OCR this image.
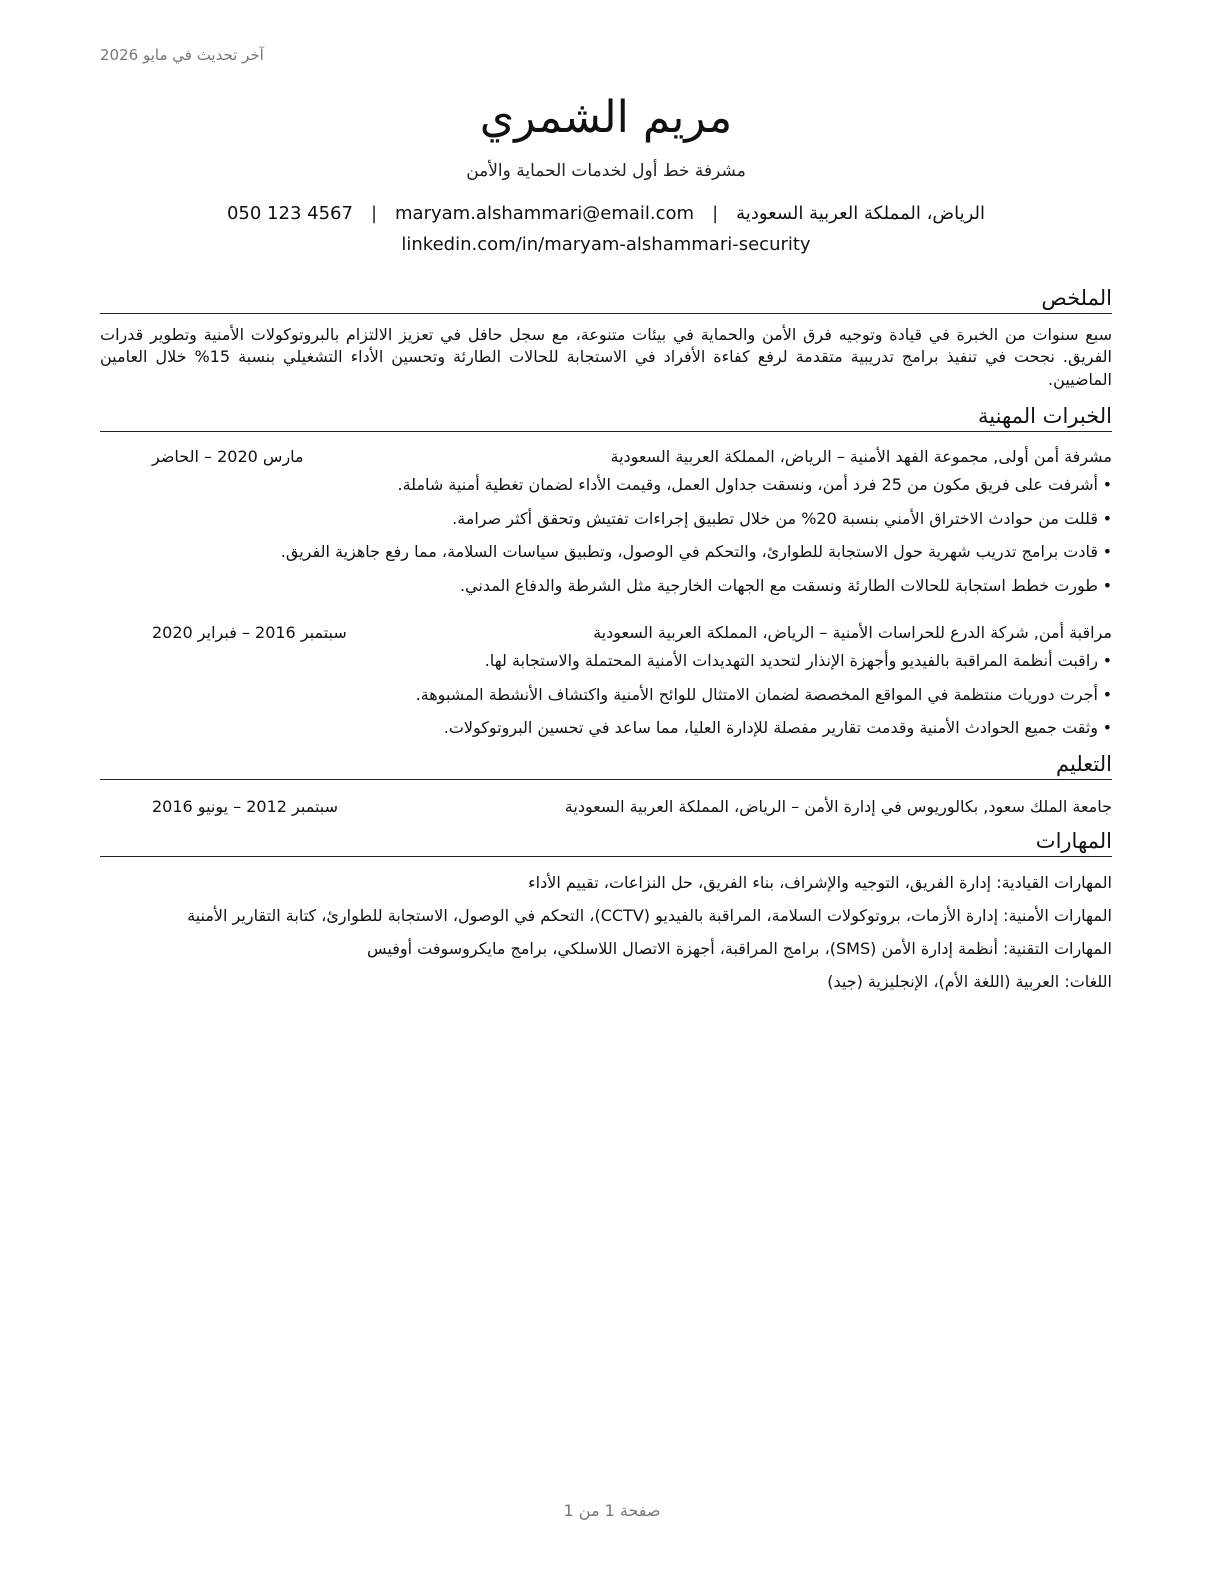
آخر تحديث في مايو 2026
مريم الشمري
مشرفة خط أول لخدمات الحماية والأمن
الرياض، المملكة العربية السعودية
|
maryam.alshammari@email.com
|
050 123 4567
linkedin.com/in/maryam-alshammari-security
الملخص
سبع سنوات من الخبرة في قيادة وتوجيه فرق الأمن والحماية في بيئات متنوعة، مع سجل حافل في تعزيز الالتزام بالبروتوكولات الأمنية وتطوير قدرات الفريق. نجحت في تنفيذ برامج تدريبية متقدمة لرفع كفاءة الأفراد في الاستجابة للحالات الطارئة وتحسين الأداء التشغيلي بنسبة 15% خلال العامين الماضيين.
الخبرات المهنية
مشرفة أمن أولى, مجموعة الفهد الأمنية – الرياض، المملكة العربية السعودية
مارس 2020 – الحاضر
•
أشرفت على فريق مكون من 25 فرد أمن، ونسقت جداول العمل، وقيمت الأداء لضمان تغطية أمنية شاملة.
•
قللت من حوادث الاختراق الأمني بنسبة 20% من خلال تطبيق إجراءات تفتيش وتحقق أكثر صرامة.
•
قادت برامج تدريب شهرية حول الاستجابة للطوارئ، والتحكم في الوصول، وتطبيق سياسات السلامة، مما رفع جاهزية الفريق.
•
طورت خطط استجابة للحالات الطارئة ونسقت مع الجهات الخارجية مثل الشرطة والدفاع المدني.
مراقبة أمن, شركة الدرع للحراسات الأمنية – الرياض، المملكة العربية السعودية
سبتمبر 2016 – فبراير 2020
•
راقبت أنظمة المراقبة بالفيديو وأجهزة الإنذار لتحديد التهديدات الأمنية المحتملة والاستجابة لها.
•
أجرت دوريات منتظمة في المواقع المخصصة لضمان الامتثال للوائح الأمنية واكتشاف الأنشطة المشبوهة.
•
وثقت جميع الحوادث الأمنية وقدمت تقارير مفصلة للإدارة العليا، مما ساعد في تحسين البروتوكولات.
التعليم
جامعة الملك سعود, بكالوريوس في إدارة الأمن – الرياض، المملكة العربية السعودية
سبتمبر 2012 – يونيو 2016
المهارات

المهارات القيادية: إدارة الفريق، التوجيه والإشراف، بناء الفريق، حل النزاعات، تقييم الأداء

المهارات الأمنية: إدارة الأزمات، بروتوكولات السلامة، المراقبة بالفيديو (CCTV)، التحكم في الوصول، الاستجابة للطوارئ، كتابة التقارير الأمنية

المهارات التقنية: أنظمة إدارة الأمن (SMS)، برامج المراقبة، أجهزة الاتصال اللاسلكي، برامج مايكروسوفت أوفيس

اللغات: العربية (اللغة الأم)، الإنجليزية (جيد)

صفحة 1 من 1
